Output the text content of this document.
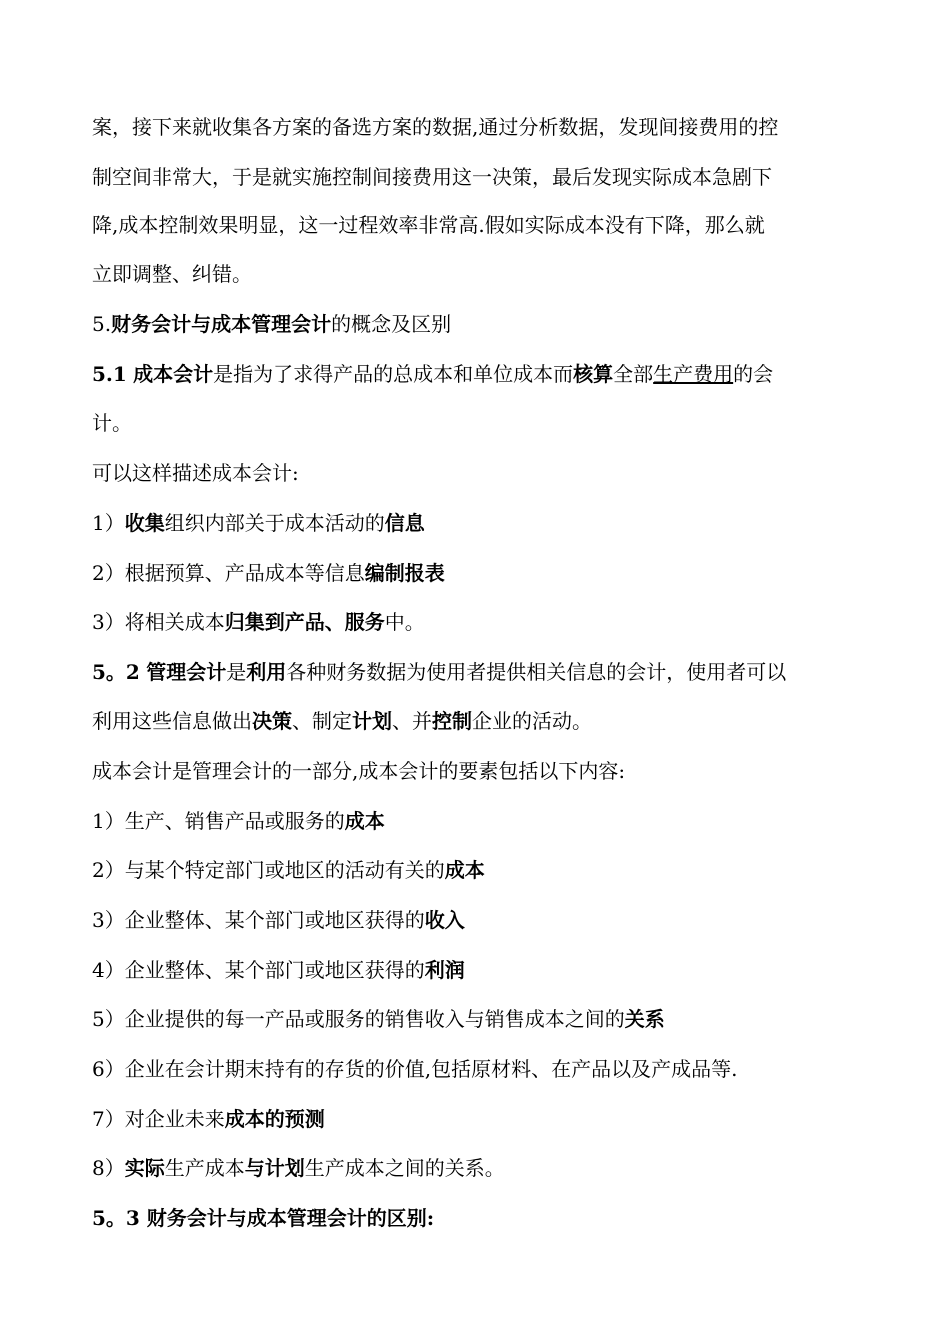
案，接下来就收集各方案的备选方案的数据,通过分析数据，发现间接费用的控

制空间非常大，于是就实施控制间接费用这一决策，最后发现实际成本急剧下

降,成本控制效果明显，这一过程效率非常高.假如实际成本没有下降，那么就

立即调整、纠错。

5.财务会计与成本管理会计的概念及区别

5.1 成本会计是指为了求得产品的总成本和单位成本而核算全部生产费用的会

计。

可以这样描述成本会计:

1）收集组织内部关于成本活动的信息

2）根据预算、产品成本等信息编制报表

3）将相关成本归集到产品、服务中。

5。2 管理会计是利用各种财务数据为使用者提供相关信息的会计，使用者可以

利用这些信息做出决策、制定计划、并控制企业的活动。

成本会计是管理会计的一部分,成本会计的要素包括以下内容:

1）生产、销售产品或服务的成本

2）与某个特定部门或地区的活动有关的成本

3）企业整体、某个部门或地区获得的收入

4）企业整体、某个部门或地区获得的利润

5）企业提供的每一产品或服务的销售收入与销售成本之间的关系

6）企业在会计期末持有的存货的价值,包括原材料、在产品以及产成品等.

7）对企业未来成本的预测

8）实际生产成本与计划生产成本之间的关系。

5。3 财务会计与成本管理会计的区别:
